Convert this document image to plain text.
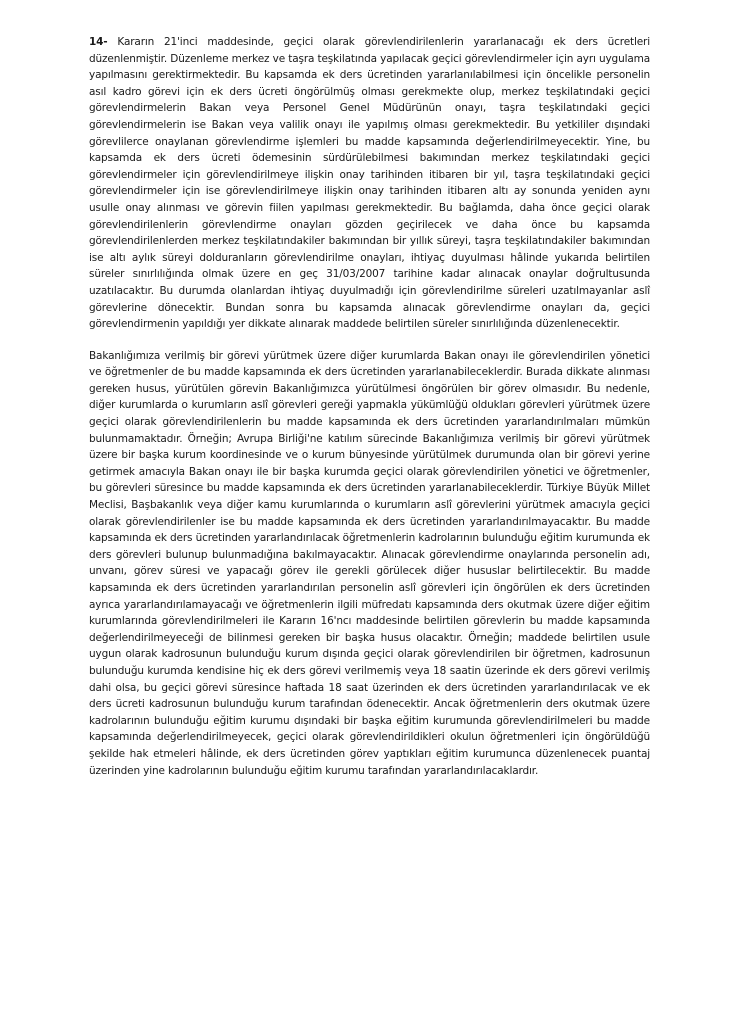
14- Kararın 21'inci maddesinde, geçici olarak görevlendirilenlerin yararlanacağı ek ders ücretleri düzenlenmiştir. Düzenleme merkez ve taşra teşkilatında yapılacak geçici görevlendirmeler için ayrı uygulama yapılmasını gerektirmektedir. Bu kapsamda ek ders ücretinden yararlanılabilmesi için öncelikle personelin asıl kadro görevi için ek ders ücreti öngörülmüş olması gerekmekte olup, merkez teşkilatındaki geçici görevlendirmelerin Bakan veya Personel Genel Müdürünün onayı, taşra teşkilatındaki geçici görevlendirmelerin ise Bakan veya valilik onayı ile yapılmış olması gerekmektedir. Bu yetkililer dışındaki görevlilerce onaylanan görevlendirme işlemleri bu madde kapsamında değerlendirilmeyecektir. Yine, bu kapsamda ek ders ücreti ödemesinin sürdürülebilmesi bakımından merkez teşkilatındaki geçici görevlendirmeler için görevlendirilmeye ilişkin onay tarihinden itibaren bir yıl, taşra teşkilatındaki geçici görevlendirmeler için ise görevlendirilmeye ilişkin onay tarihinden itibaren altı ay sonunda yeniden aynı usulle onay alınması ve görevin fiilen yapılması gerekmektedir. Bu bağlamda, daha önce geçici olarak görevlendirilenlerin görevlendirme onayları gözden geçirilecek ve daha önce bu kapsamda görevlendirilenlerden merkez teşkilatındakiler bakımından bir yıllık süreyi, taşra teşkilatındakiler bakımından ise altı aylık süreyi dolduranların görevlendirilme onayları, ihtiyaç duyulması hâlinde yukarıda belirtilen süreler sınırlılığında olmak üzere en geç 31/03/2007 tarihine kadar alınacak onaylar doğrultusunda uzatılacaktır. Bu durumda olanlardan ihtiyaç duyulmadığı için görevlendirilme süreleri uzatılmayanlar aslî görevlerine dönecektir. Bundan sonra bu kapsamda alınacak görevlendirme onayları da, geçici görevlendirmenin yapıldığı yer dikkate alınarak maddede belirtilen süreler sınırlılığında düzenlenecektir.

Bakanlığımıza verilmiş bir görevi yürütmek üzere diğer kurumlarda Bakan onayı ile görevlendirilen yönetici ve öğretmenler de bu madde kapsamında ek ders ücretinden yararlanabileceklerdir. Burada dikkate alınması gereken husus, yürütülen görevin Bakanlığımızca yürütülmesi öngörülen bir görev olmasıdır. Bu nedenle, diğer kurumlarda o kurumların aslî görevleri gereği yapmakla yükümlüğü oldukları görevleri yürütmek üzere geçici olarak görevlendirilenlerin bu madde kapsamında ek ders ücretinden yararlandırılmaları mümkün bulunmamaktadır. Örneğin; Avrupa Birliği'ne katılım sürecinde Bakanlığımıza verilmiş bir görevi yürütmek üzere bir başka kurum koordinesinde ve o kurum bünyesinde yürütülmek durumunda olan bir görevi yerine getirmek amacıyla Bakan onayı ile bir başka kurumda geçici olarak görevlendirilen yönetici ve öğretmenler, bu görevleri süresince bu madde kapsamında ek ders ücretinden yararlanabileceklerdir. Türkiye Büyük Millet Meclisi, Başbakanlık veya diğer kamu kurumlarında o kurumların aslî görevlerini yürütmek amacıyla geçici olarak görevlendirilenler ise bu madde kapsamında ek ders ücretinden yararlandırılmayacaktır. Bu madde kapsamında ek ders ücretinden yararlandırılacak öğretmenlerin kadrolarının bulunduğu eğitim kurumunda ek ders görevleri bulunup bulunmadığına bakılmayacaktır. Alınacak görevlendirme onaylarında personelin adı, unvanı, görev süresi ve yapacağı görev ile gerekli görülecek diğer hususlar belirtilecektir. Bu madde kapsamında ek ders ücretinden yararlandırılan personelin aslî görevleri için öngörülen ek ders ücretinden ayrıca yararlandırılamayacağı ve öğretmenlerin ilgili müfredatı kapsamında ders okutmak üzere diğer eğitim kurumlarında görevlendirilmeleri ile Kararın 16'ncı maddesinde belirtilen görevlerin bu madde kapsamında değerlendirilmeyeceği de bilinmesi gereken bir başka husus olacaktır. Örneğin; maddede belirtilen usule uygun olarak kadrosunun bulunduğu kurum dışında geçici olarak görevlendirilen bir öğretmen, kadrosunun bulunduğu kurumda kendisine hiç ek ders görevi verilmemiş veya 18 saatin üzerinde ek ders görevi verilmiş dahi olsa, bu geçici görevi süresince haftada 18 saat üzerinden ek ders ücretinden yararlandırılacak ve ek ders ücreti kadrosunun bulunduğu kurum tarafından ödenecektir. Ancak öğretmenlerin ders okutmak üzere kadrolarının bulunduğu eğitim kurumu dışındaki bir başka eğitim kurumunda görevlendirilmeleri bu madde kapsamında değerlendirilmeyecek, geçici olarak görevlendirildikleri okulun öğretmenleri için öngörüldüğü şekilde hak etmeleri hâlinde, ek ders ücretinden görev yaptıkları eğitim kurumunca düzenlenecek puantaj üzerinden yine kadrolarının bulunduğu eğitim kurumu tarafından yararlandırılacaklardır.
